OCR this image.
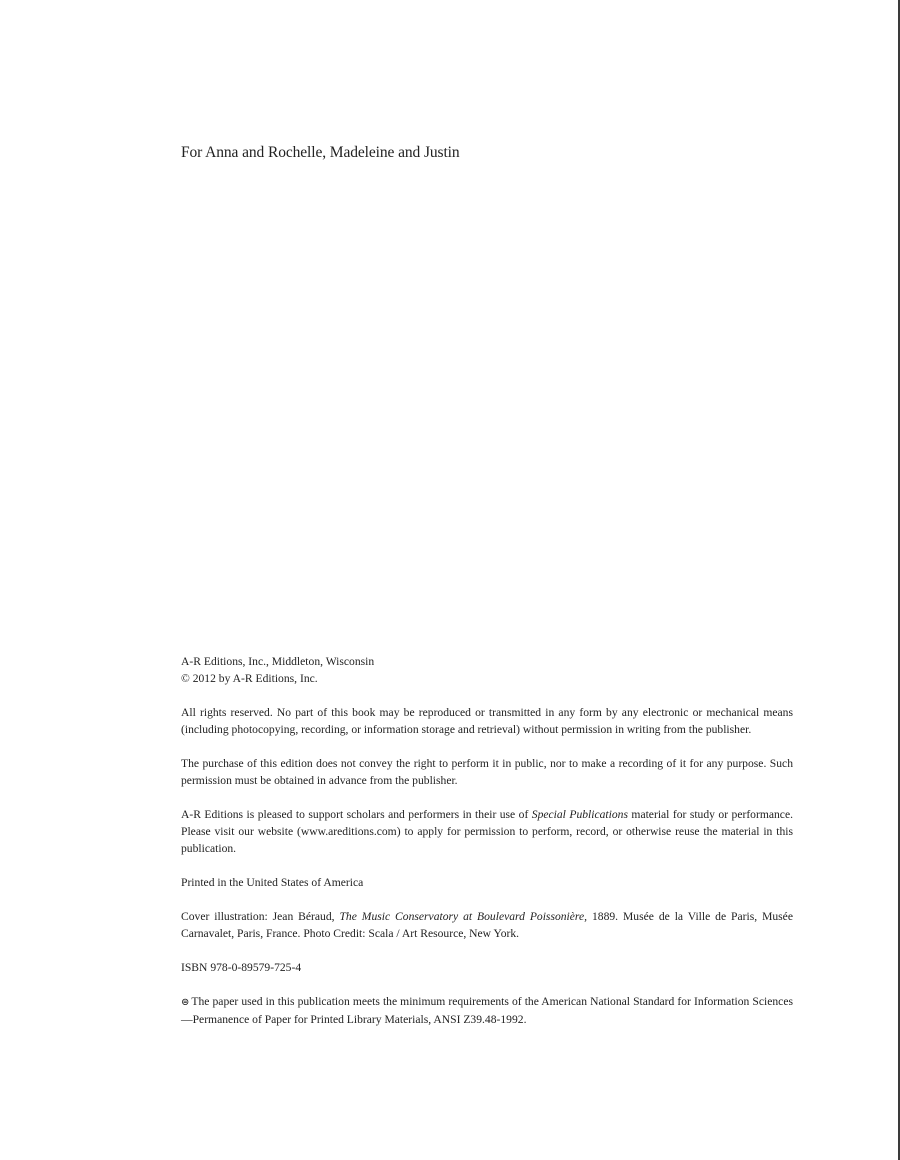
For Anna and Rochelle, Madeleine and Justin

A-R Editions, Inc., Middleton, Wisconsin

© 2012 by A-R Editions, Inc.

All rights reserved. No part of this book may be reproduced or transmitted in any form by any electronic or mechanical means (including photocopying, recording, or information storage and retrieval) without permission in writing from the publisher.

The purchase of this edition does not convey the right to perform it in public, nor to make a recording of it for any purpose. Such permission must be obtained in advance from the publisher.

A-R Editions is pleased to support scholars and performers in their use of Special Publications material for study or performance. Please visit our website (www.areditions.com) to apply for permission to perform, record, or otherwise reuse the material in this publication.

Printed in the United States of America

Cover illustration: Jean Béraud, The Music Conservatory at Boulevard Poissonière, 1889. Musée de la Ville de Paris, Musée Carnavalet, Paris, France. Photo Credit: Scala / Art Resource, New York.

ISBN 978-0-89579-725-4

⊜ The paper used in this publication meets the minimum requirements of the American National Standard for Information Sciences—Permanence of Paper for Printed Library Materials, ANSI Z39.48-1992.
